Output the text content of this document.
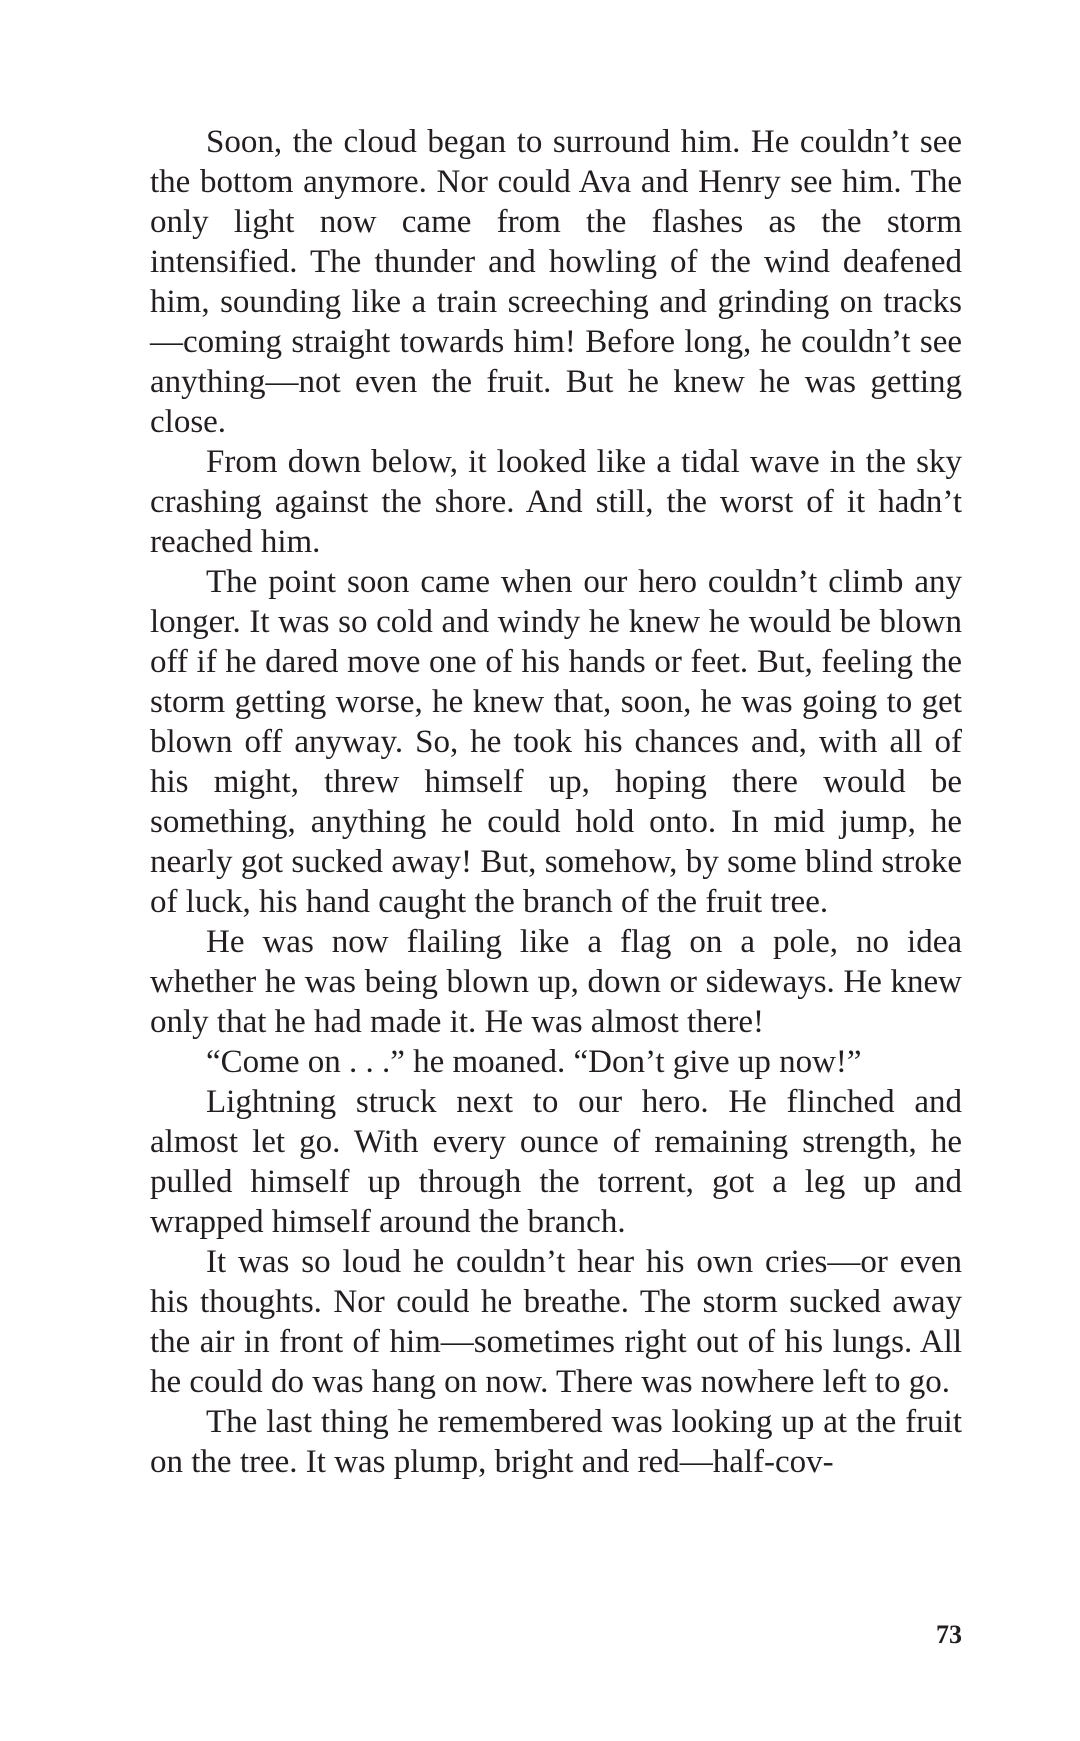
Soon, the cloud began to surround him. He couldn’t see the bottom anymore. Nor could Ava and Henry see him. The only light now came from the flashes as the storm intensified. The thunder and howling of the wind deafened him, sounding like a train screeching and grinding on tracks—coming straight towards him! Before long, he couldn’t see anything—not even the fruit. But he knew he was getting close.

From down below, it looked like a tidal wave in the sky crashing against the shore. And still, the worst of it hadn’t reached him.

The point soon came when our hero couldn’t climb any longer. It was so cold and windy he knew he would be blown off if he dared move one of his hands or feet. But, feeling the storm getting worse, he knew that, soon, he was going to get blown off anyway. So, he took his chances and, with all of his might, threw himself up, hoping there would be something, anything he could hold onto. In mid jump, he nearly got sucked away! But, somehow, by some blind stroke of luck, his hand caught the branch of the fruit tree.

He was now flailing like a flag on a pole, no idea whether he was being blown up, down or sideways. He knew only that he had made it. He was almost there!

“Come on . . .” he moaned. “Don’t give up now!”

Lightning struck next to our hero. He flinched and almost let go. With every ounce of remaining strength, he pulled himself up through the torrent, got a leg up and wrapped himself around the branch.

It was so loud he couldn’t hear his own cries—or even his thoughts. Nor could he breathe. The storm sucked away the air in front of him—sometimes right out of his lungs. All he could do was hang on now. There was nowhere left to go.

The last thing he remembered was looking up at the fruit on the tree. It was plump, bright and red—half-cov-

73
